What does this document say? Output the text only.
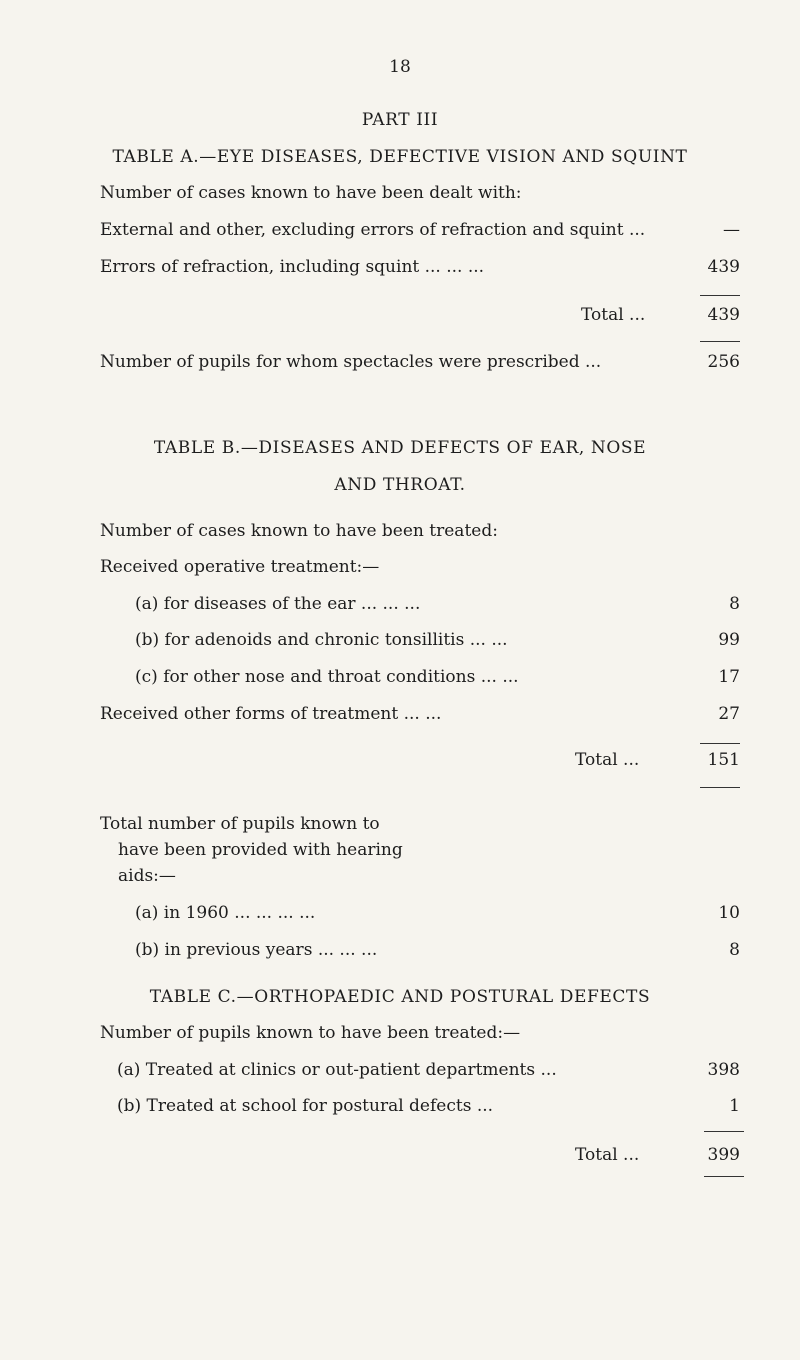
18
PART III
TABLE A.—EYE DISEASES, DEFECTIVE VISION AND SQUINT
Number of cases known to have been dealt with:
External and other, excluding errors of refraction and squint ...	—
Errors of refraction, including squint ... ... ...	439
Total ...	439
Number of pupils for whom spectacles were prescribed ...	256
TABLE B.—DISEASES AND DEFECTS OF EAR, NOSE
AND THROAT.
Number of cases known to have been treated:
Received operative treatment:—
(a) for diseases of the ear ... ... ...	8
(b) for adenoids and chronic tonsillitis ... ...	99
(c) for other nose and throat conditions ... ...	17
Received other forms of treatment ... ...	27
Total ...	151
Total number of pupils known to
have been provided with hearing
aids:—
(a) in 1960 ... ... ... ...	10
(b) in previous years ... ... ...	8
TABLE C.—ORTHOPAEDIC AND POSTURAL DEFECTS
Number of pupils known to have been treated:—
(a) Treated at clinics or out-patient departments ...	398
(b) Treated at school for postural defects ...	1
Total ...	399
